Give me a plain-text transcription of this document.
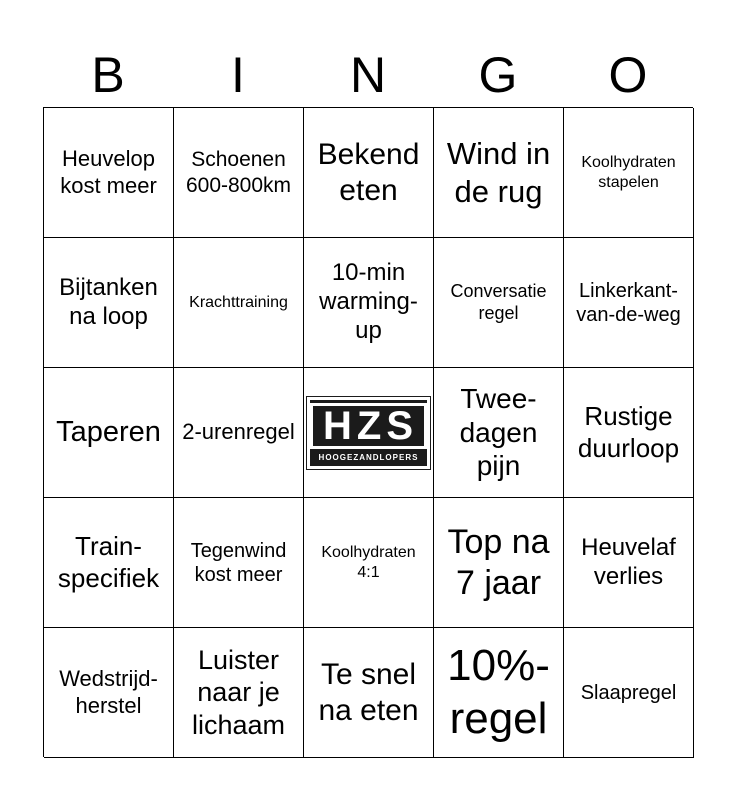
B	I	N	G	O
Heuvelop kost meer
Schoenen 600-800km
Bekend eten
Wind in de rug
Koolhydraten stapelen
Bijtanken na loop
Krachttraining
10-min warming-up
Conversatie regel
Linkerkant-van-de-weg
Taperen 2-urenregel HZS
HOOGEZANDLOPERS
Twee-dagen pijn
Rustige duurloop
Train-specifiek
Tegenwind kost meer
Koolhydraten 4:1
Top na 7 jaar
Heuvelaf verlies
Wedstrijd-herstel
Luister naar je lichaam
Te snel na eten
10%-regel
Slaapregel
